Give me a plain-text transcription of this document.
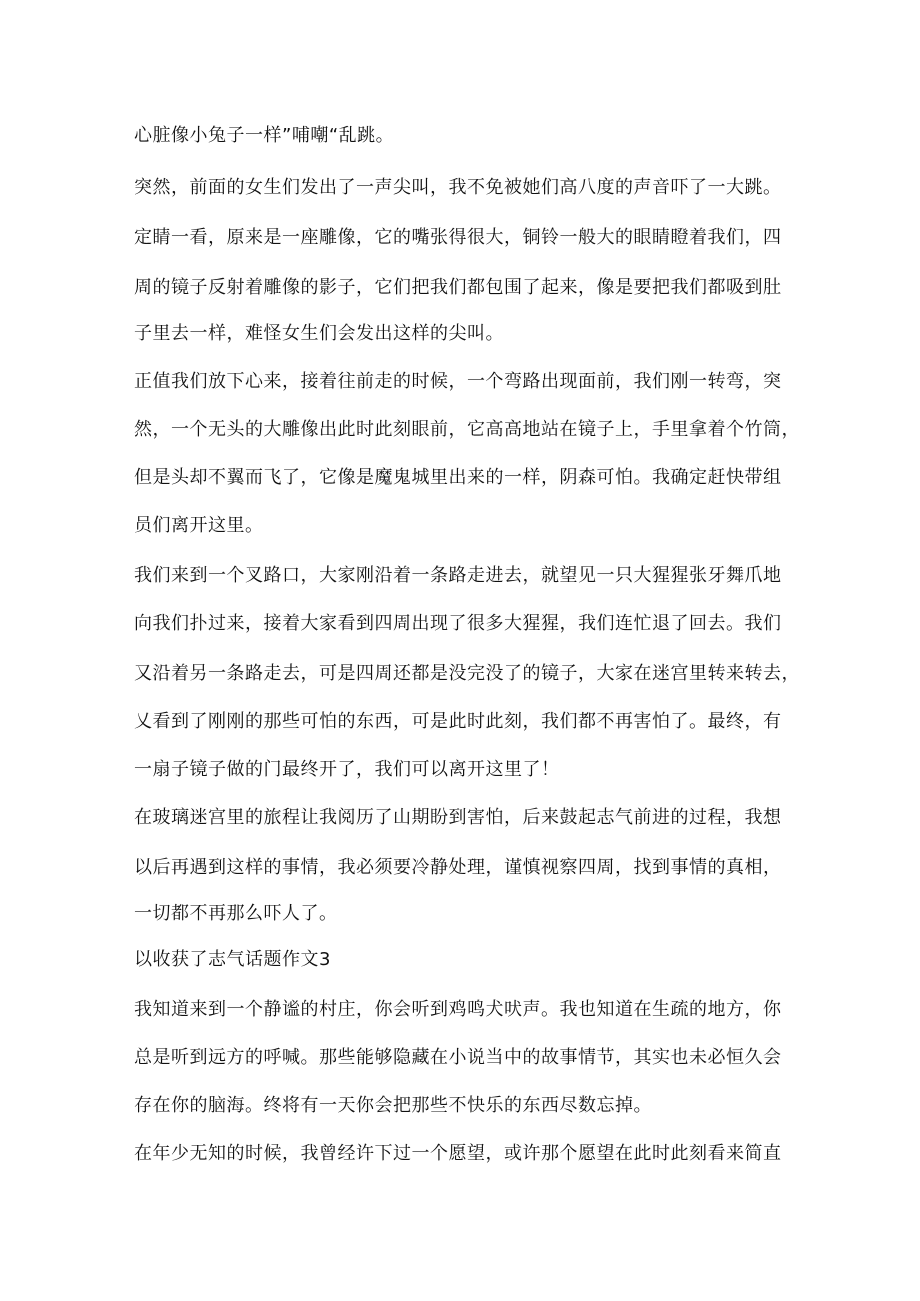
心脏像小兔子一样”哺嘲“乱跳。
突然，前面的女生们发出了一声尖叫，我不免被她们高八度的声音吓了一大跳。
定睛一看，原来是一座雕像，它的嘴张得很大，铜铃一般大的眼睛瞪着我们，四
周的镜子反射着雕像的影子，它们把我们都包围了起来，像是要把我们都吸到肚
子里去一样，难怪女生们会发出这样的尖叫。
正值我们放下心来，接着往前走的时候，一个弯路出现面前，我们刚一转弯，突
然，一个无头的大雕像出此时此刻眼前，它高高地站在镜子上，手里拿着个竹筒，
但是头却不翼而飞了，它像是魔鬼城里出来的一样，阴森可怕。我确定赶快带组
员们离开这里。
我们来到一个叉路口，大家刚沿着一条路走进去，就望见一只大猩猩张牙舞爪地
向我们扑过来，接着大家看到四周出现了很多大猩猩，我们连忙退了回去。我们
又沿着另一条路走去，可是四周还都是没完没了的镜子，大家在迷宫里转来转去，
乂看到了刚刚的那些可怕的东西，可是此时此刻，我们都不再害怕了。最终，有
一扇子镜子做的门最终开了，我们可以离开这里了！
在玻璃迷宫里的旅程让我阅历了山期盼到害怕，后来鼓起志气前进的过程，我想
以后再遇到这样的事情，我必须要冷静处理，谨慎视察四周，找到事情的真相，
一切都不再那么吓人了。
以收获了志气话题作文3
我知道来到一个静谧的村庄，你会听到鸡鸣犬吠声。我也知道在生疏的地方，你
总是听到远方的呼喊。那些能够隐藏在小说当中的故事情节，其实也未必恒久会
存在你的脑海。终将有一天你会把那些不快乐的东西尽数忘掉。
在年少无知的时候，我曾经许下过一个愿望，或许那个愿望在此时此刻看来简直
